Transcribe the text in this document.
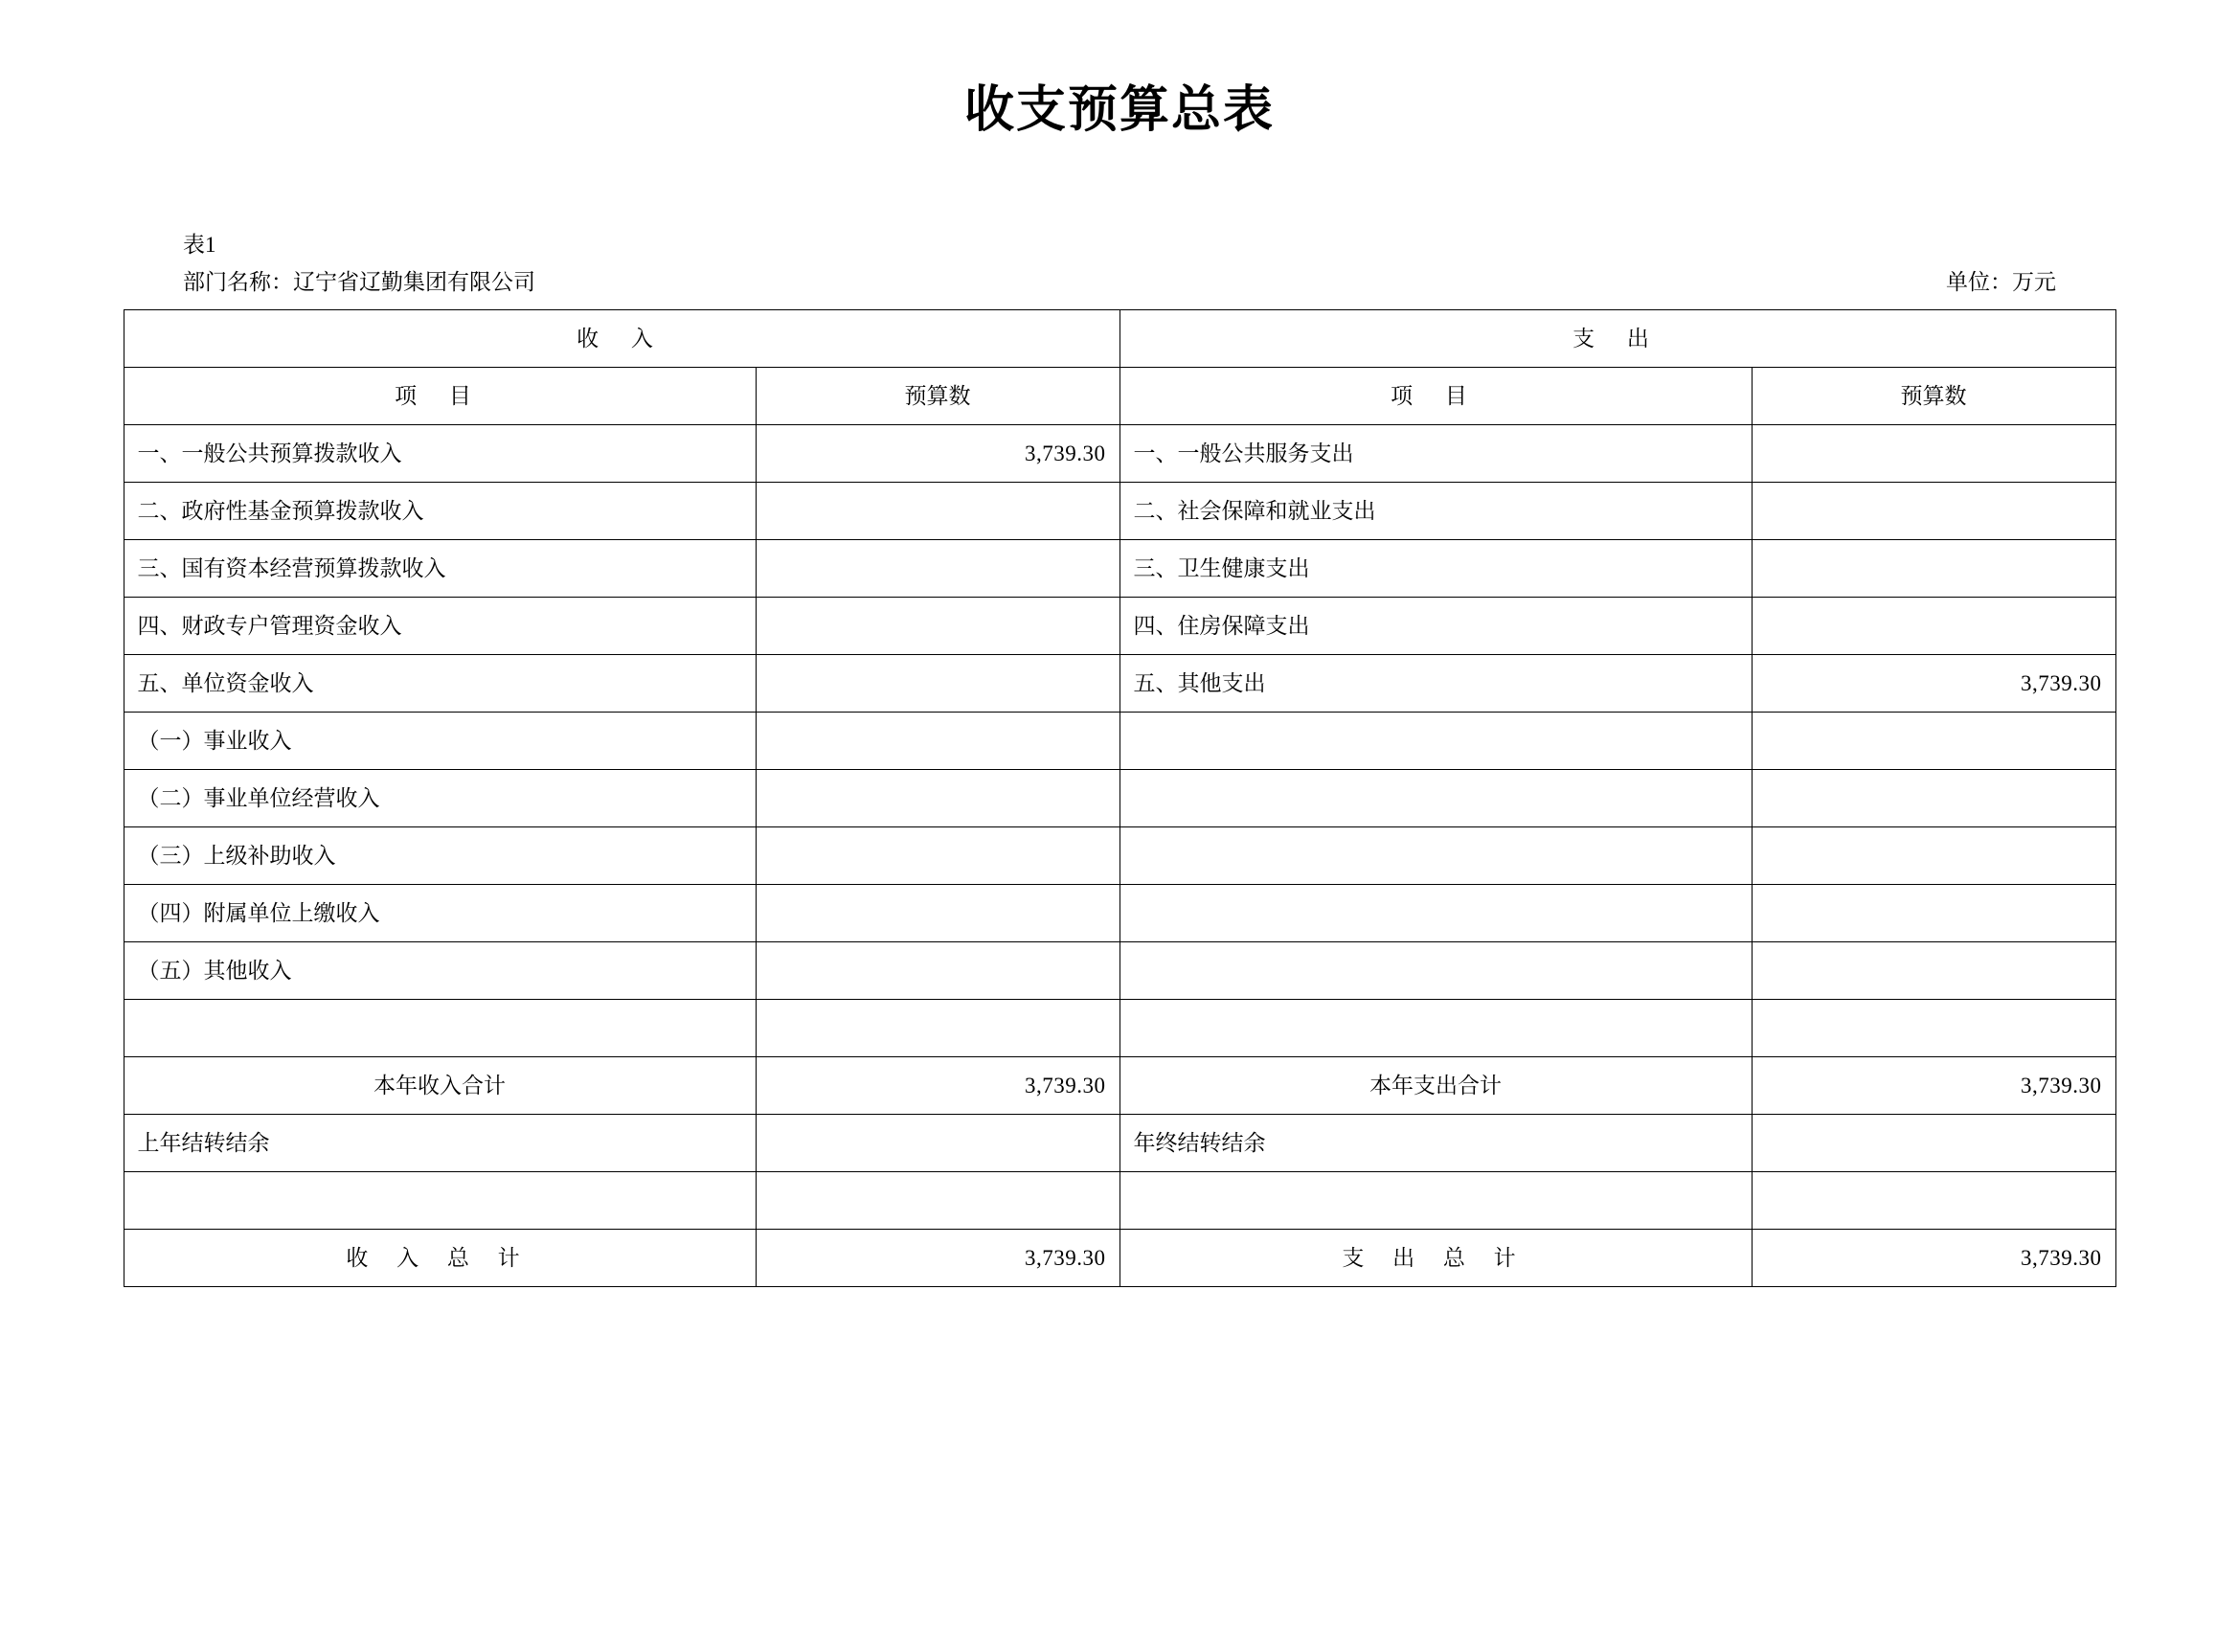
收支预算总表
表1
部门名称：辽宁省辽勤集团有限公司	单位：万元
收 入		支 出	
项 目	预算数	项 目	预算数
一、一般公共预算拨款收入	3,739.30	一、一般公共服务支出	
二、政府性基金预算拨款收入		二、社会保障和就业支出	
三、国有资本经营预算拨款收入		三、卫生健康支出	
四、财政专户管理资金收入		四、住房保障支出	
五、单位资金收入		五、其他支出	3,739.30
（一）事业收入			
（二）事业单位经营收入			
（三）上级补助收入			
（四）附属单位上缴收入			
（五）其他收入			

本年收入合计	3,739.30	本年支出合计	3,739.30
上年结转结余		年终结转结余	

收 入 总 计	3,739.30	支 出 总 计	3,739.30
